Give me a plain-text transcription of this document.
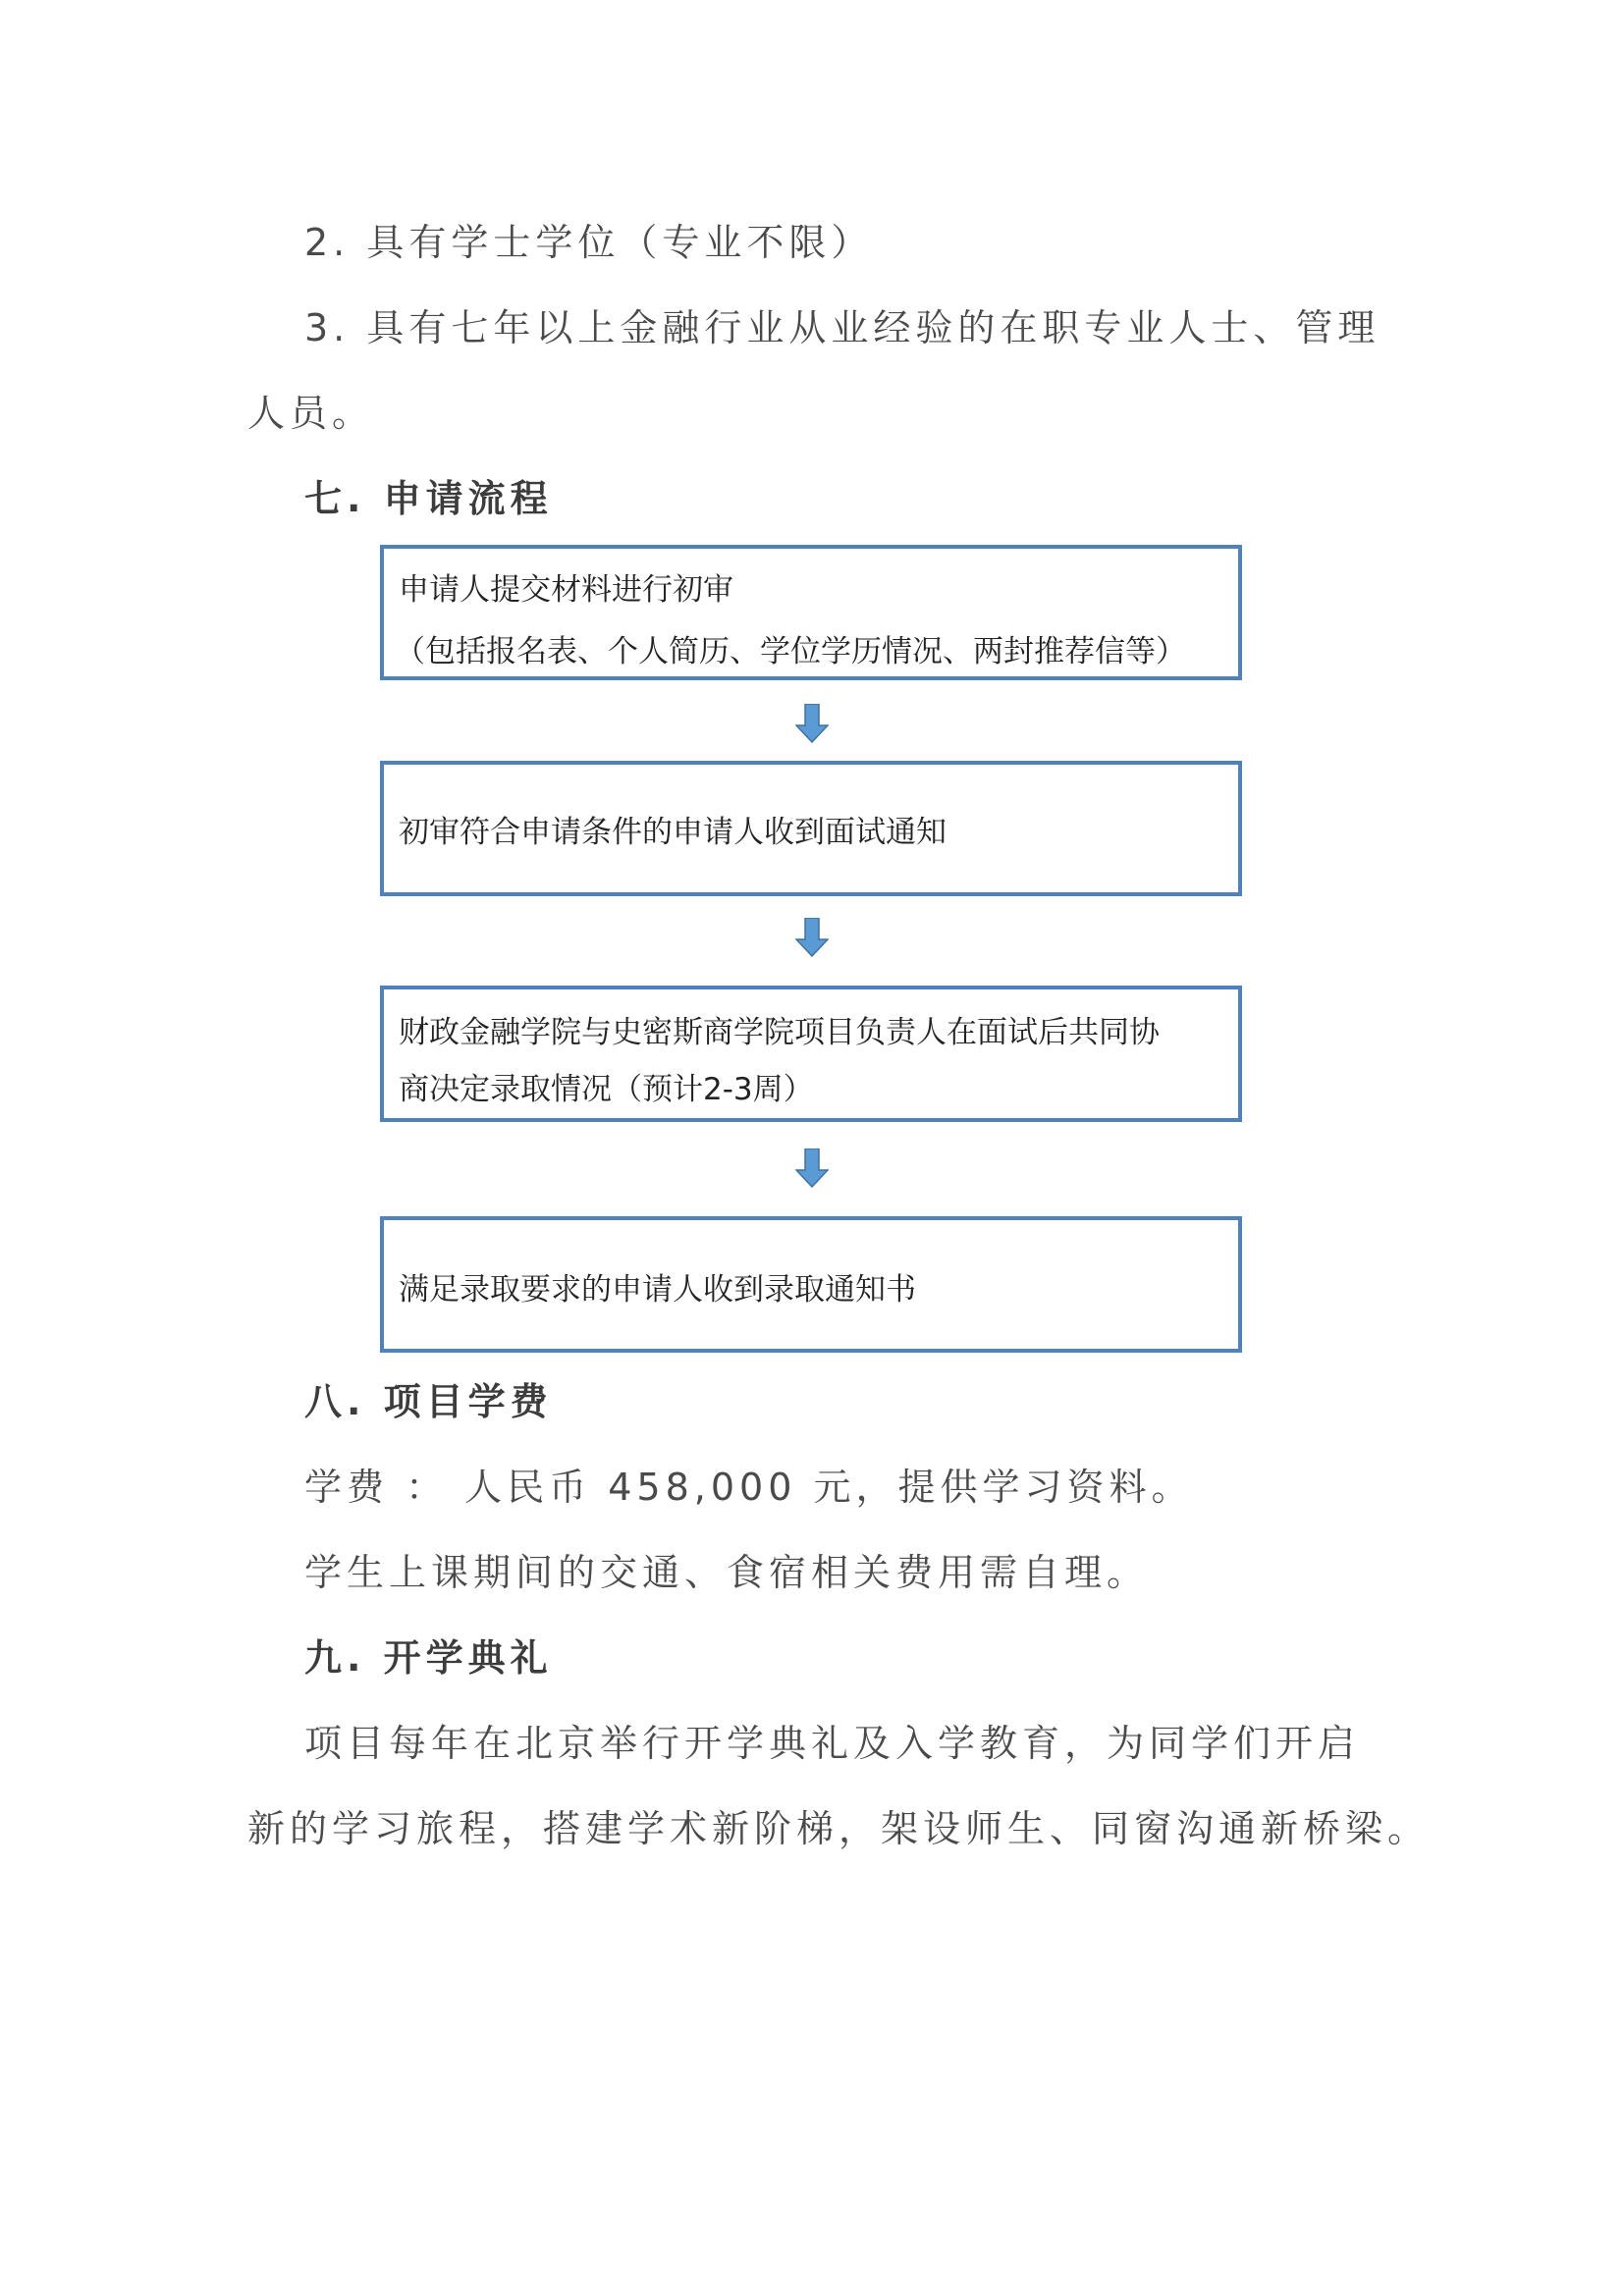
2. 具有学士学位（专业不限）
3. 具有七年以上金融行业从业经验的在职专业人士、管理
人员。
七. 申请流程
申请人提交材料进行初审
（包括报名表、个人简历、学位学历情况、两封推荐信等）
初审符合申请条件的申请人收到面试通知
财政金融学院与史密斯商学院项目负责人在面试后共同协
商决定录取情况（预计2-3周）
满足录取要求的申请人收到录取通知书
八. 项目学费
学费 ： 人民币 458,000 元，提供学习资料。
学生上课期间的交通、食宿相关费用需自理。
九. 开学典礼
项目每年在北京举行开学典礼及入学教育，为同学们开启
新的学习旅程，搭建学术新阶梯，架设师生、同窗沟通新桥梁。
